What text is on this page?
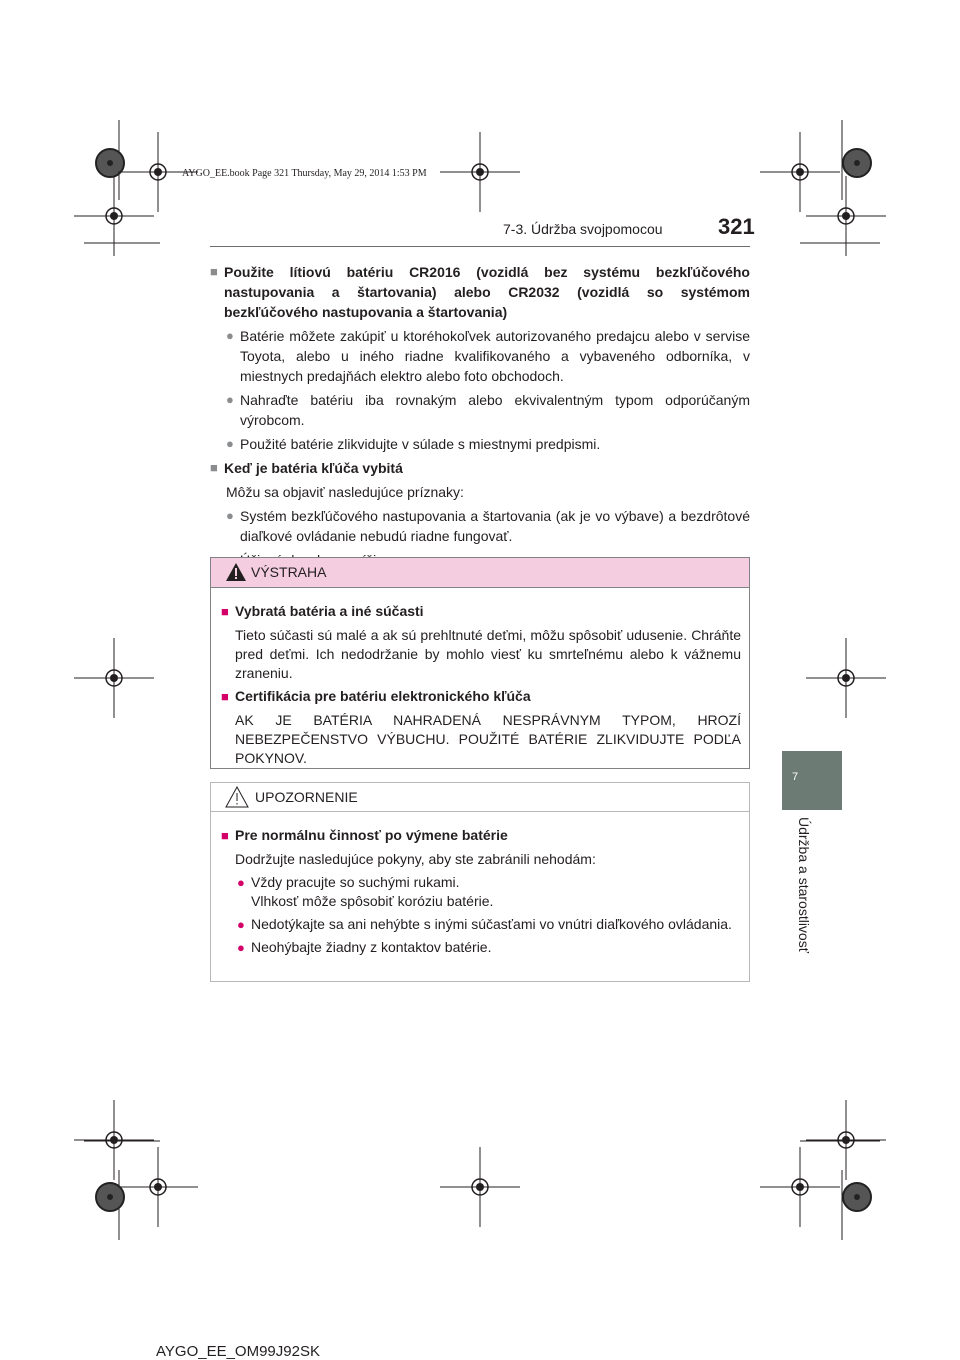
AYGO_EE.book Page 321 Thursday, May 29, 2014 1:53 PM
7-3. Údržba svojpomocou	321
7
Údržba a starostlivosť
■ Použite lítiovú batériu CR2016 (vozidlá bez systému bezkľúčového nastupovania a štartovania) alebo CR2032 (vozidlá so systémom bezkľúčového nastupovania a štartovania)
● Batérie môžete zakúpiť u ktoréhokoľvek autorizovaného predajcu alebo v servise Toyota, alebo u iného riadne kvalifikovaného a vybaveného odborníka, v miestnych predajňách elektro alebo foto obchodoch.
● Nahraďte batériu iba rovnakým alebo ekvivalentným typom odporúčaným výrobcom.
● Použité batérie zlikvidujte v súlade s miestnymi predpismi.
■ Keď je batéria kľúča vybitá
Môžu sa objaviť nasledujúce príznaky:
● Systém bezkľúčového nastupovania a štartovania (ak je vo výbave) a bezdrôtové diaľkové ovládanie nebudú riadne fungovať.
VÝSTRAHA
■ Vybratá batéria a iné súčasti
Tieto súčasti sú malé a ak sú prehltnuté deťmi, môžu spôsobiť udusenie. Chráňte pred deťmi. Ich nedodržanie by mohlo viesť ku smrteľnému alebo k vážnemu zraneniu.
■ Certifikácia pre batériu elektronického kľúča
AK JE BATÉRIA NAHRADENÁ NESPRÁVNYM TYPOM, HROZÍ NEBEZPEČENSTVO VÝBUCHU. POUŽITÉ BATÉRIE ZLIKVIDUJTE PODĽA POKYNOV.
UPOZORNENIE
■ Pre normálnu činnosť po výmene batérie
Dodržujte nasledujúce pokyny, aby ste zabránili nehodám:
● Vždy pracujte so suchými rukami.
Vlhkosť môže spôsobiť koróziu batérie.
● Nedotýkajte sa ani nehýbte s inými súčasťami vo vnútri diaľkového ovládania.
● Neohýbajte žiadny z kontaktov batérie.
AYGO_EE_OM99J92SK
